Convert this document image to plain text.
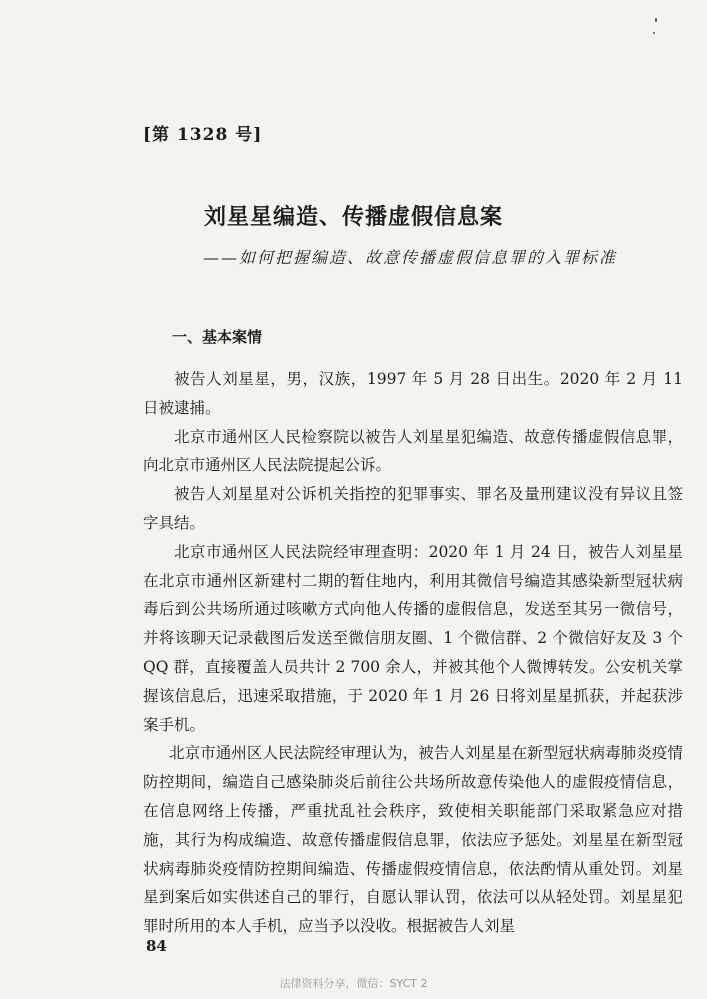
[第 1328 号]
刘星星编造、传播虚假信息案
——如何把握编造、故意传播虚假信息罪的入罪标准
一、基本案情

被告人刘星星，男，汉族，1997 年 5 月 28 日出生。2020 年 2 月 11 日被逮捕。

北京市通州区人民检察院以被告人刘星星犯编造、故意传播虚假信息罪，向北京市通州区人民法院提起公诉。

被告人刘星星对公诉机关指控的犯罪事实、罪名及量刑建议没有异议且签字具结。

北京市通州区人民法院经审理查明：2020 年 1 月 24 日，被告人刘星星在北京市通州区新建村二期的暂住地内，利用其微信号编造其感染新型冠状病毒后到公共场所通过咳嗽方式向他人传播的虚假信息，发送至其另一微信号，并将该聊天记录截图后发送至微信朋友圈、1 个微信群、2 个微信好友及 3 个 QQ 群，直接覆盖人员共计 2 700 余人，并被其他个人微博转发。公安机关掌握该信息后，迅速采取措施，于 2020 年 1 月 26 日将刘星星抓获，并起获涉案手机。

北京市通州区人民法院经审理认为，被告人刘星星在新型冠状病毒肺炎疫情防控期间，编造自己感染肺炎后前往公共场所故意传染他人的虚假疫情信息，在信息网络上传播，严重扰乱社会秩序，致使相关职能部门采取紧急应对措施，其行为构成编造、故意传播虚假信息罪，依法应予惩处。刘星星在新型冠状病毒肺炎疫情防控期间编造、传播虚假疫情信息，依法酌情从重处罚。刘星星到案后如实供述自己的罪行，自愿认罪认罚，依法可以从轻处罚。刘星星犯罪时所用的本人手机，应当予以没收。根据被告人刘星

84
法律资料分享，微信：SYCT 2
